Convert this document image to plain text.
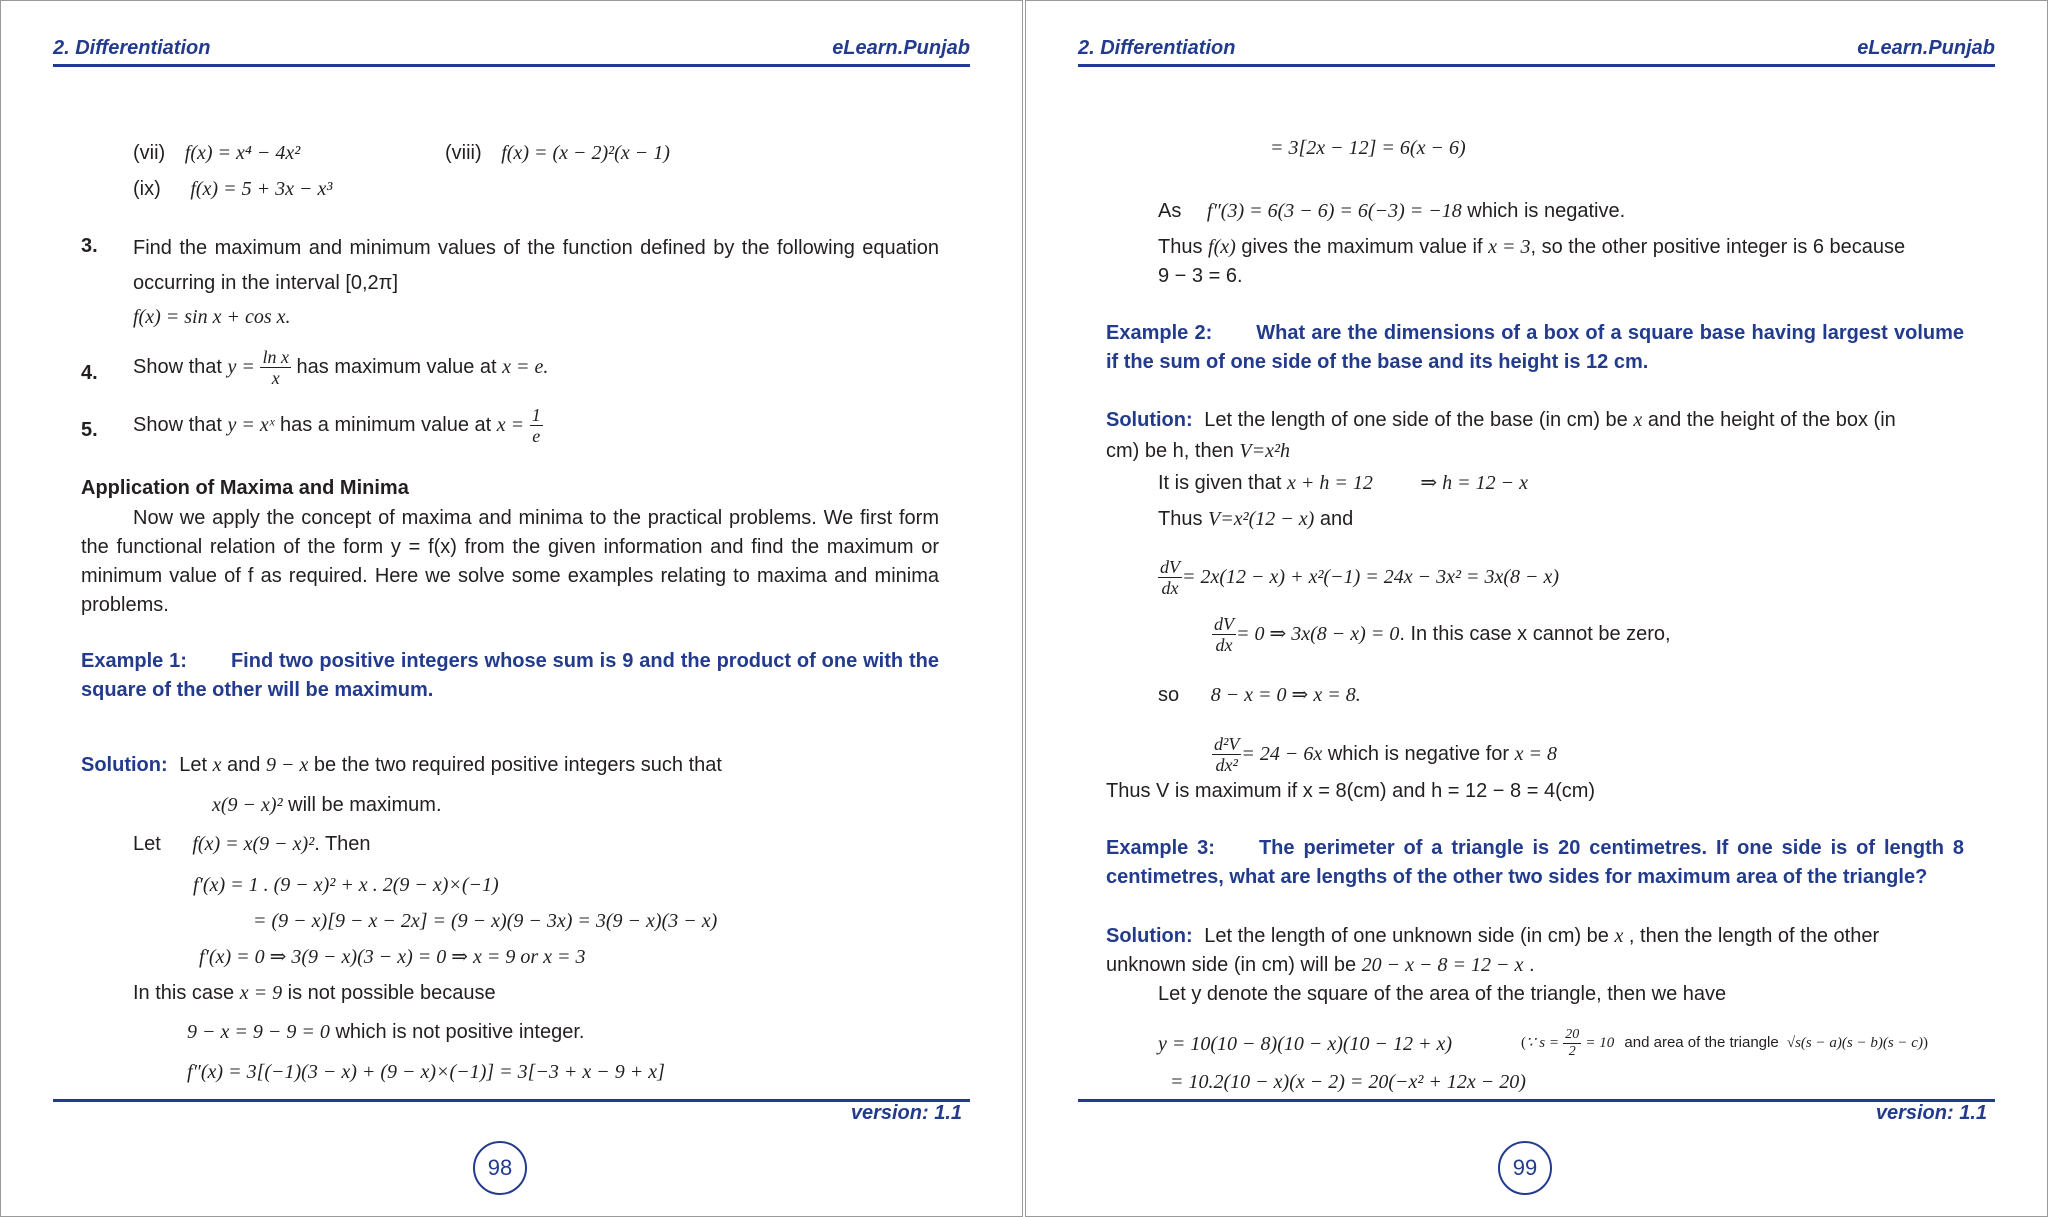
2. Differentiation	eLearn.Punjab
(vii) f(x) = x⁴ − 4x²	(viii) f(x) = (x − 2)²(x − 1)
(ix) f(x) = 5 + 3x − x³
3. Find the maximum and minimum values of the function defined by the following equation occurring in the interval [0,2π]
f(x) = sin x + cos x.
4. Show that $y = \frac{\text{ln x}}{x}$ has maximum value at x = e.
5. Show that y = xˣ has a minimum value at $x = \frac{1}{e}$
Application of Maxima and Minima
Now we apply the concept of maxima and minima to the practical problems. We first form the functional relation of the form y = f(x) from the given information and find the maximum or minimum value of f as required. Here we solve some examples relating to maxima and minima problems.
Example 1: Find two positive integers whose sum is 9 and the product of one with the square of the other will be maximum.
Solution: Let x and 9 − x be the two required positive integers such that
x(9 − x)² will be maximum.
Let f(x) = x(9 − x)². Then
f′(x) = 1 . (9 − x)² + x . 2(9 − x)×(−1)
= (9 − x)[9 − x − 2x] = (9 − x)(9 − 3x) = 3(9 − x)(3 − x)
f′(x) = 0 ⇒ 3(9 − x)(3 − x) = 0 ⇒ x = 9 or x = 3
In this case x = 9 is not possible because
9 − x = 9 − 9 = 0 which is not positive integer.
f″(x) = 3[(−1)(3 − x) + (9 − x)×(−1)] = 3[−3 + x − 9 + x]
version: 1.1
98
2. Differentiation	eLearn.Punjab
= 3[2x − 12] = 6(x − 6)
As f″(3) = 6(3 − 6) = 6(−3) = −18 which is negative.
Thus f(x) gives the maximum value if x = 3, so the other positive integer is 6 because
9 − 3 = 6.
Example 2: What are the dimensions of a box of a square base having largest volume if the sum of one side of the base and its height is 12 cm.
Solution: Let the length of one side of the base (in cm) be x and the height of the box (in
cm) be h, then V=x²h
It is given that x + h = 12 ⇒ h = 12 − x
Thus V=x²(12 − x) and
$\frac{dV}{dx} = 2x(12 - x) + x^2(-1) = 24x - 3x^2 = 3x(8 - x)$
$\frac{dV}{dx} = 0$ ⇒ 3x(8 − x) = 0. In this case x cannot be zero,
so 8 − x = 0 ⇒ x = 8.
$\frac{\text{d²V}}{\text{dx²}} = 24 - 6x$ which is negative for x = 8
Thus V is maximum if x = 8(cm) and h = 12 − 8 = 4(cm)
Example 3: The perimeter of a triangle is 20 centimetres. If one side is of length 8 centimetres, what are lengths of the other two sides for maximum area of the triangle?
Solution: Let the length of one unknown side (in cm) be x , then the length of the other
unknown side (in cm) will be 20 − x − 8 = 12 − x .
Let y denote the square of the area of the triangle, then we have
y = 10(10 − 8)(10 − x)(10 − 12 + x)	(∵ $s = \frac{20}{2} = 10$ and area of the triangle √s(s − a)(s − b)(s − c))
= 10.2(10 − x)(x − 2) = 20(−x² + 12x − 20)
version: 1.1
99
